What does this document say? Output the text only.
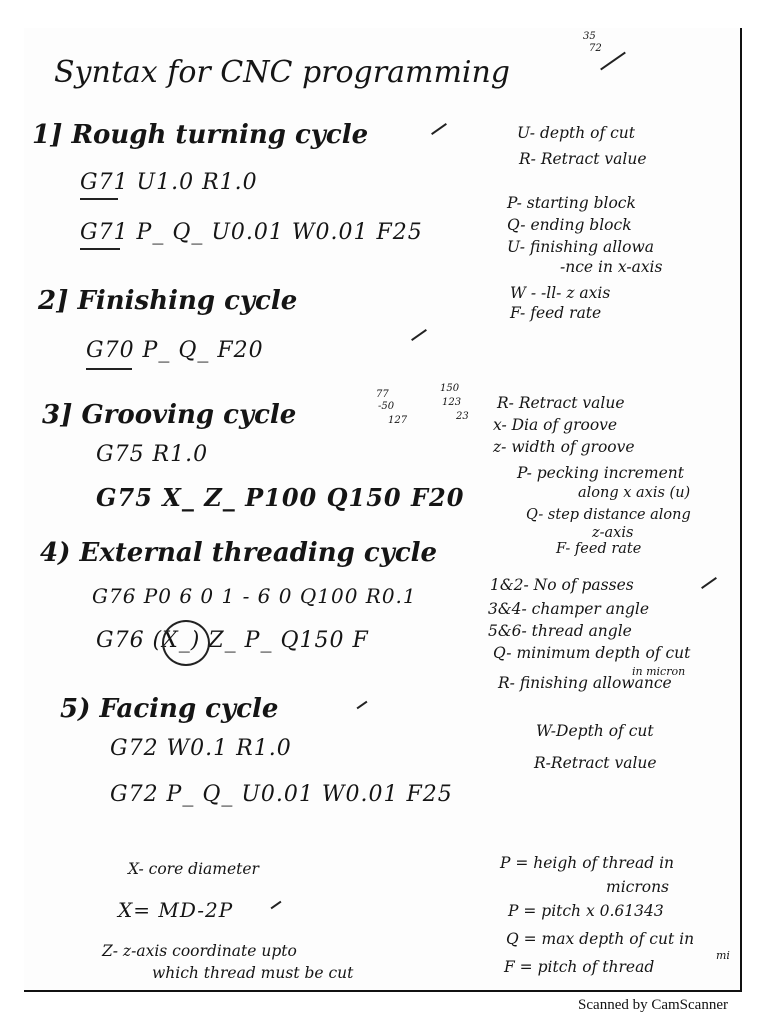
35
72
Syntax for CNC programming
1] Rough turning cycle
G71 U1.0 R1.0
G71 P_ Q_ U0.01 W0.01 F25
U- depth of cut
R- Retract value
P- starting block
Q- ending block
U- finishing allowa
-nce in x-axis
W - -ll- z axis
F- feed rate
2] Finishing cycle
G70 P_ Q_ F20
3] Grooving cycle
77
-50
127
150
123
23
G75 R1.0
G75 X_ Z_ P100 Q150 F20
R- Retract value
x- Dia of groove
z- width of groove
P- pecking increment
along x axis (u)
Q- step distance along
z-axis
F- feed rate
4) External threading cycle
G76 P0 6 0 1 - 6 0 Q100 R0.1
G76 (X_) Z_ P_ Q150 F
1&2- No of passes
3&4- champer angle
5&6- thread angle
Q- minimum depth of cut
in micron
R- finishing allowance
5) Facing cycle
G72 W0.1 R1.0
G72 P_ Q_ U0.01 W0.01 F25
W-Depth of cut
R-Retract value
X- core diameter
X= MD-2P
Z- z-axis coordinate upto
which thread must be cut
P = heigh of thread in
microns
P = pitch x 0.61343
Q = max depth of cut in
mi
F = pitch of thread
Scanned by CamScanner
